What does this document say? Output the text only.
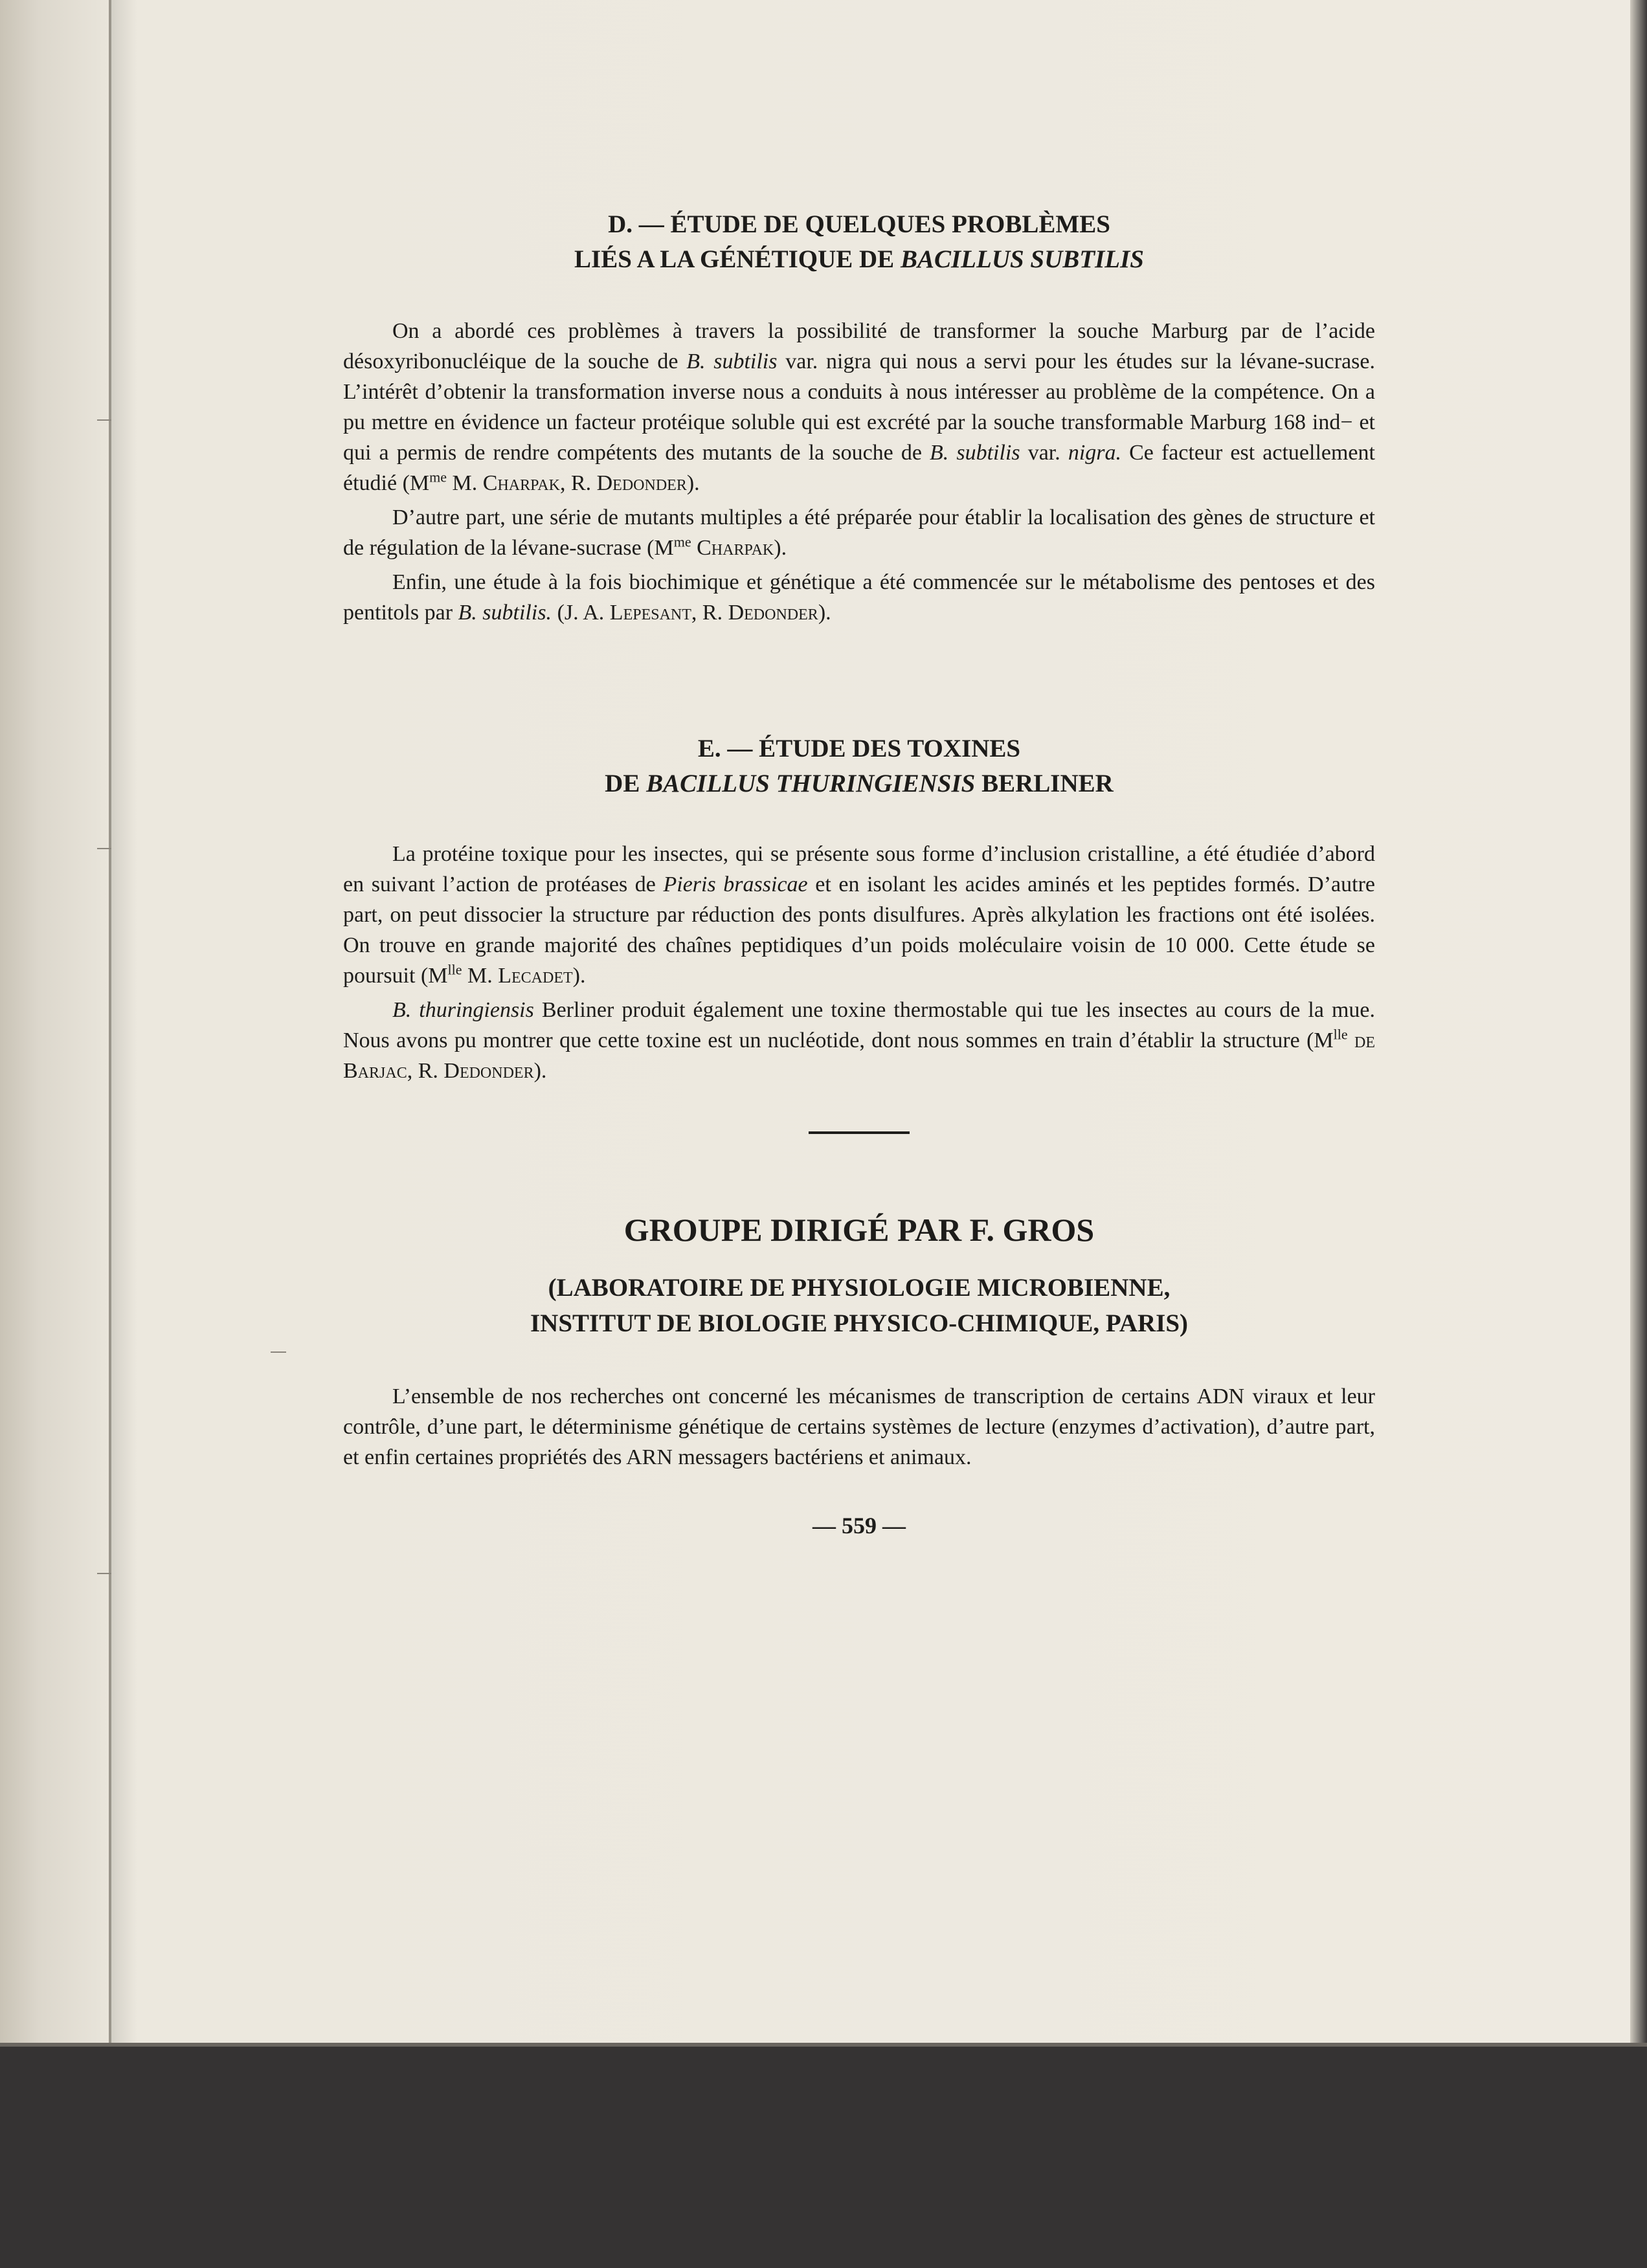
D. — ÉTUDE DE QUELQUES PROBLÈMES
LIÉS A LA GÉNÉTIQUE DE BACILLUS SUBTILIS

On a abordé ces problèmes à travers la possibilité de transformer la souche Marburg par de l’acide désoxyribonucléique de la souche de B. subtilis var. nigra qui nous a servi pour les études sur la lévane-sucrase. L’intérêt d’obtenir la transformation inverse nous a conduits à nous intéresser au problème de la compétence. On a pu mettre en évidence un facteur protéique soluble qui est excrété par la souche transformable Marburg 168 ind− et qui a permis de rendre compétents des mutants de la souche de B. subtilis var. nigra. Ce facteur est actuellement étudié ($M^{me}$ M. Charpak, R. Dedonder).

D’autre part, une série de mutants multiples a été préparée pour établir la localisation des gènes de structure et de régulation de la lévane-sucrase ($M^{me}$ Charpak).

Enfin, une étude à la fois biochimique et génétique a été commencée sur le métabolisme des pentoses et des pentitols par B. subtilis. (J. A. Lepesant, R. Dedonder).

E. — ÉTUDE DES TOXINES
DE BACILLUS THURINGIENSIS BERLINER

La protéine toxique pour les insectes, qui se présente sous forme d’inclusion cristalline, a été étudiée d’abord en suivant l’action de protéases de Pieris brassicae et en isolant les acides aminés et les peptides formés. D’autre part, on peut dissocier la structure par réduction des ponts disulfures. Après alkylation les fractions ont été isolées. On trouve en grande majorité des chaînes peptidiques d’un poids moléculaire voisin de 10 000. Cette étude se poursuit ($M^{lle}$ M. Lecadet).

B. thuringiensis Berliner produit également une toxine thermostable qui tue les insectes au cours de la mue. Nous avons pu montrer que cette toxine est un nucléotide, dont nous sommes en train d’établir la structure ($M^{lle}$ de Barjac, R. Dedonder).

GROUPE DIRIGÉ PAR F. GROS
(LABORATOIRE DE PHYSIOLOGIE MICROBIENNE,
INSTITUT DE BIOLOGIE PHYSICO-CHIMIQUE, PARIS)

L’ensemble de nos recherches ont concerné les mécanismes de transcription de certains ADN viraux et leur contrôle, d’une part, le déterminisme génétique de certains systèmes de lecture (enzymes d’activation), d’autre part, et enfin certaines propriétés des ARN messagers bactériens et animaux.

— 559 —
